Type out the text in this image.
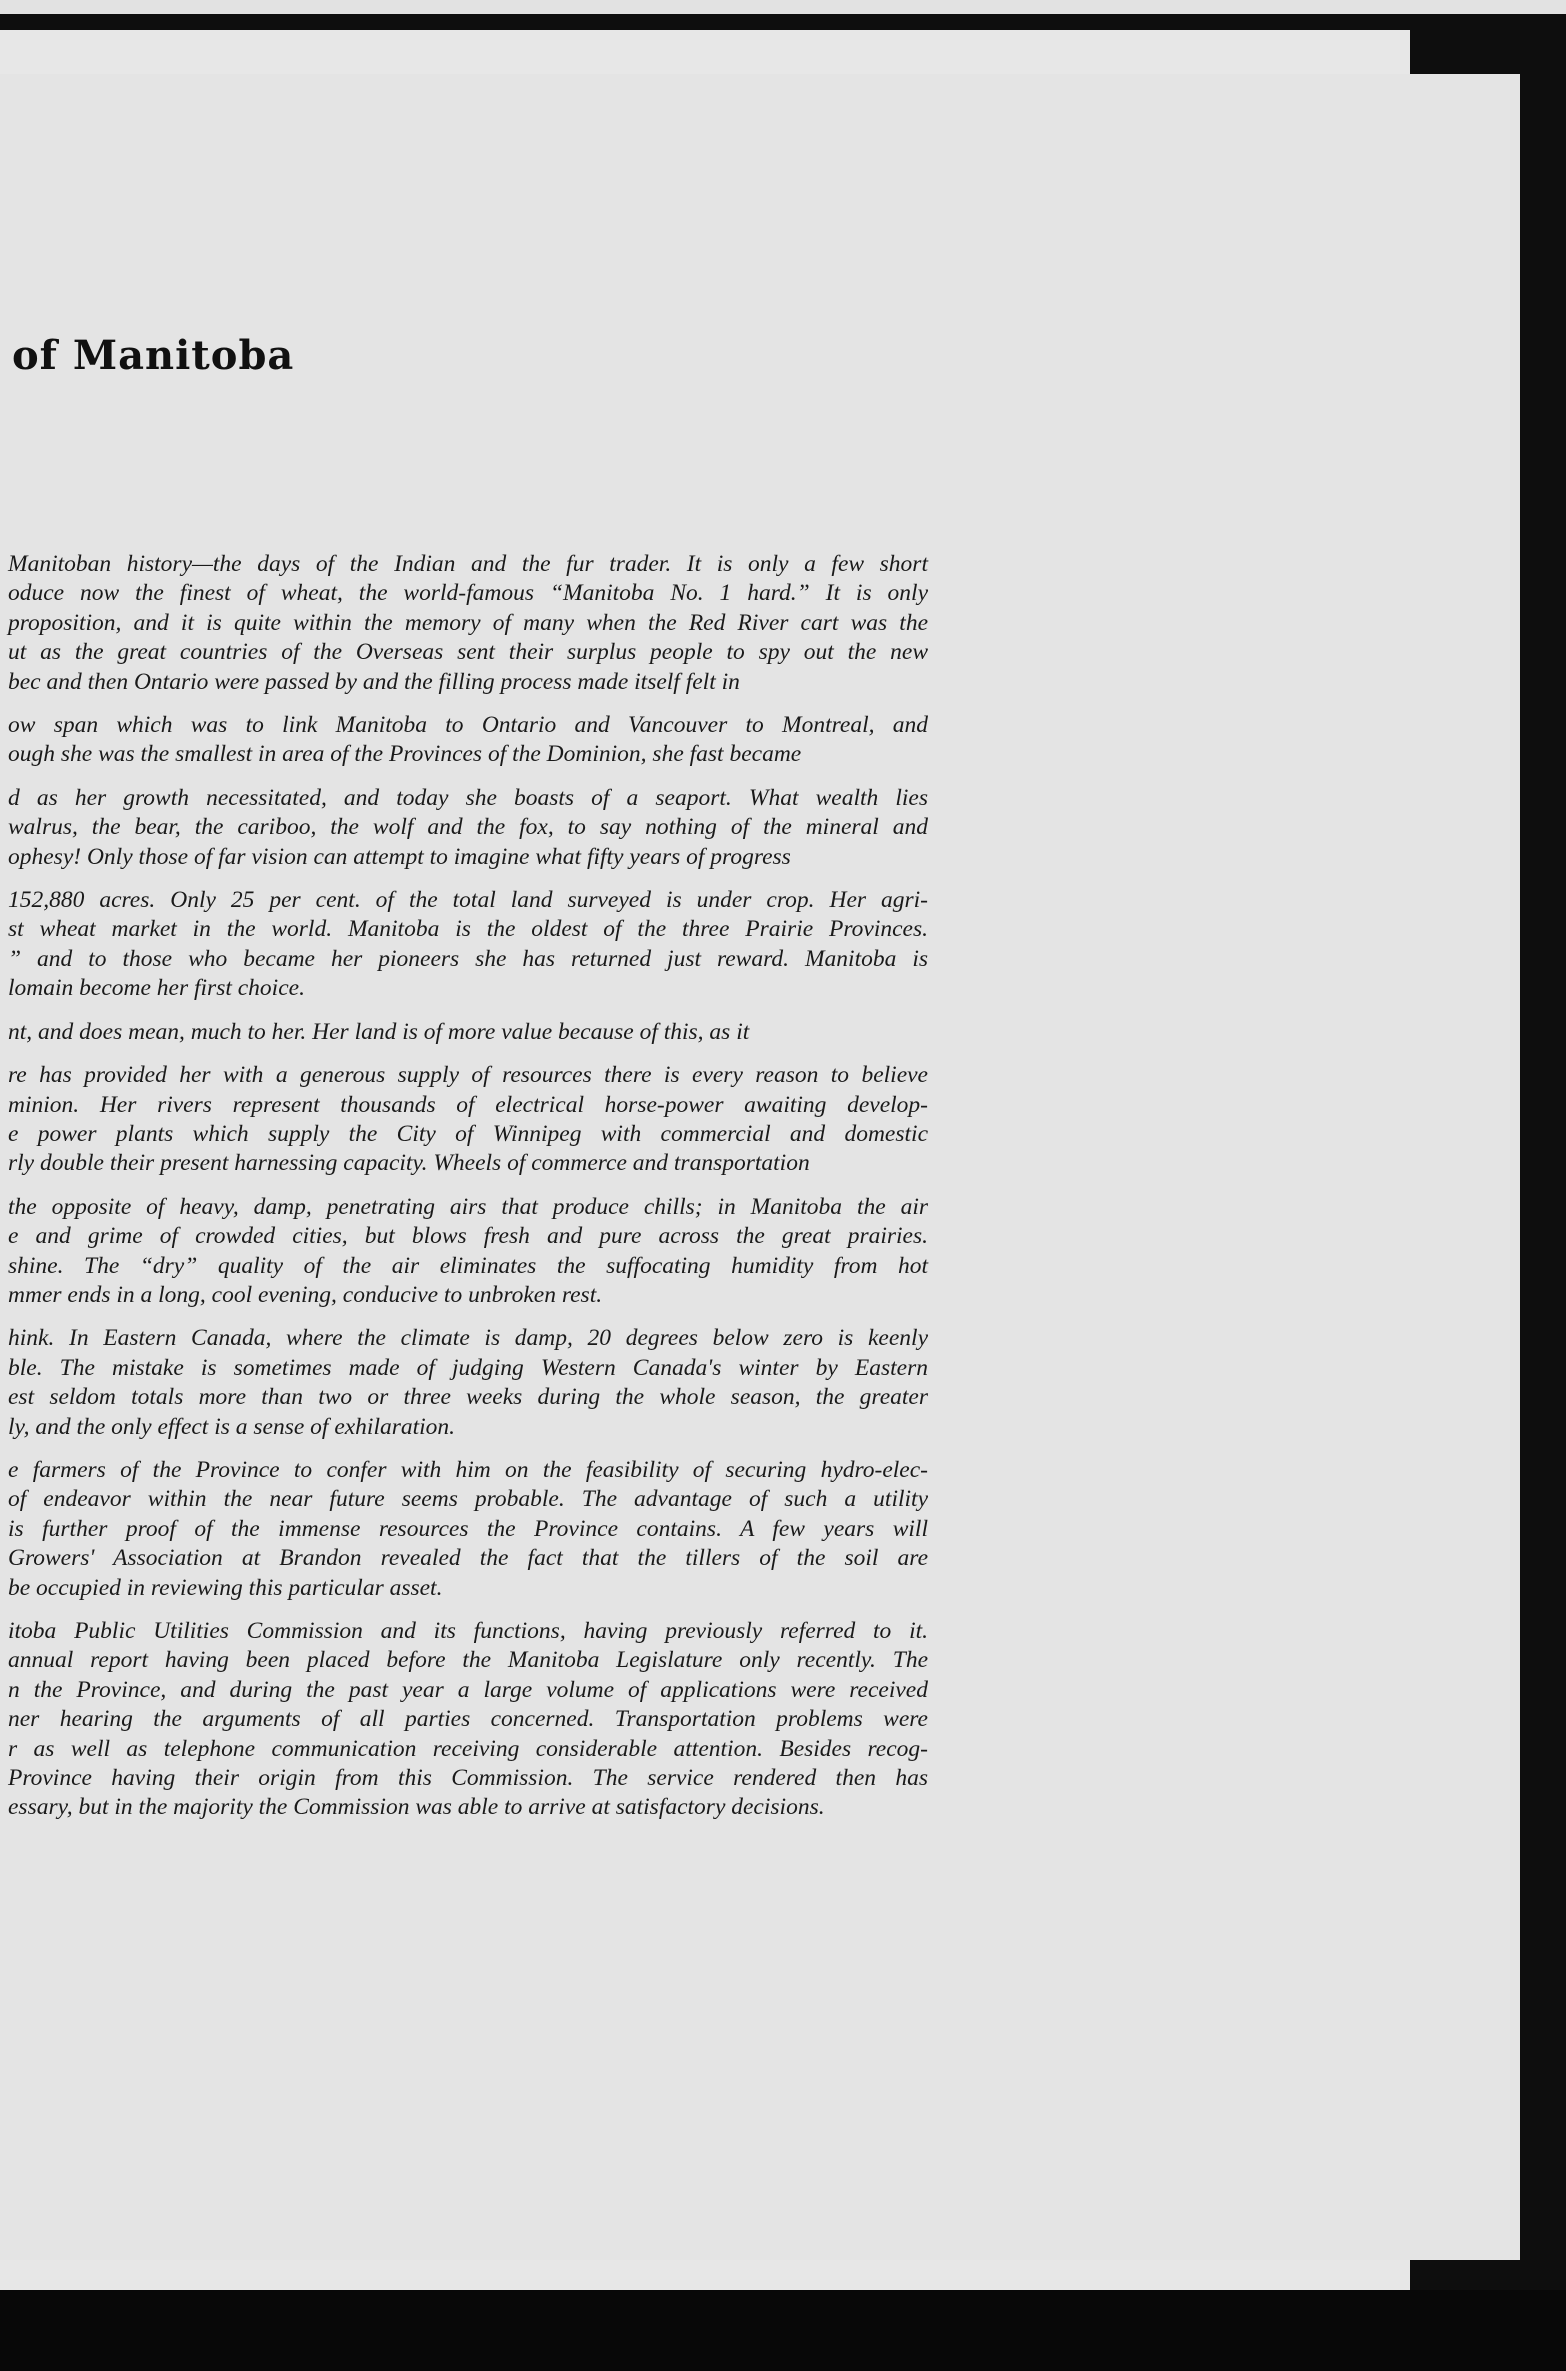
of Manitoba

Manitoban history—the days of the Indian and the fur trader. It is only a few short
oduce now the finest of wheat, the world-famous “Manitoba No. 1 hard.” It is only
proposition, and it is quite within the memory of many when the Red River cart was the
ut as the great countries of the Overseas sent their surplus people to spy out the new
bec and then Ontario were passed by and the filling process made itself felt in

ow span which was to link Manitoba to Ontario and Vancouver to Montreal, and
ough she was the smallest in area of the Provinces of the Dominion, she fast became

d as her growth necessitated, and today she boasts of a seaport. What wealth lies
walrus, the bear, the cariboo, the wolf and the fox, to say nothing of the mineral and
ophesy! Only those of far vision can attempt to imagine what fifty years of progress

152,880 acres. Only 25 per cent. of the total land surveyed is under crop. Her agri-
st wheat market in the world. Manitoba is the oldest of the three Prairie Provinces.
” and to those who became her pioneers she has returned just reward. Manitoba is
lomain become her first choice.

nt, and does mean, much to her. Her land is of more value because of this, as it

re has provided her with a generous supply of resources there is every reason to believe
minion. Her rivers represent thousands of electrical horse-power awaiting develop-
e power plants which supply the City of Winnipeg with commercial and domestic
rly double their present harnessing capacity. Wheels of commerce and transportation

the opposite of heavy, damp, penetrating airs that produce chills; in Manitoba the air
e and grime of crowded cities, but blows fresh and pure across the great prairies.
shine. The “dry” quality of the air eliminates the suffocating humidity from hot
mmer ends in a long, cool evening, conducive to unbroken rest.

hink. In Eastern Canada, where the climate is damp, 20 degrees below zero is keenly
ble. The mistake is sometimes made of judging Western Canada's winter by Eastern
est seldom totals more than two or three weeks during the whole season, the greater
ly, and the only effect is a sense of exhilaration.

e farmers of the Province to confer with him on the feasibility of securing hydro-elec-
of endeavor within the near future seems probable. The advantage of such a utility
is further proof of the immense resources the Province contains. A few years will
Growers' Association at Brandon revealed the fact that the tillers of the soil are
be occupied in reviewing this particular asset.

itoba Public Utilities Commission and its functions, having previously referred to it.
annual report having been placed before the Manitoba Legislature only recently. The
n the Province, and during the past year a large volume of applications were received
ner hearing the arguments of all parties concerned. Transportation problems were
r as well as telephone communication receiving considerable attention. Besides recog-
Province having their origin from this Commission. The service rendered then has
essary, but in the majority the Commission was able to arrive at satisfactory decisions.
